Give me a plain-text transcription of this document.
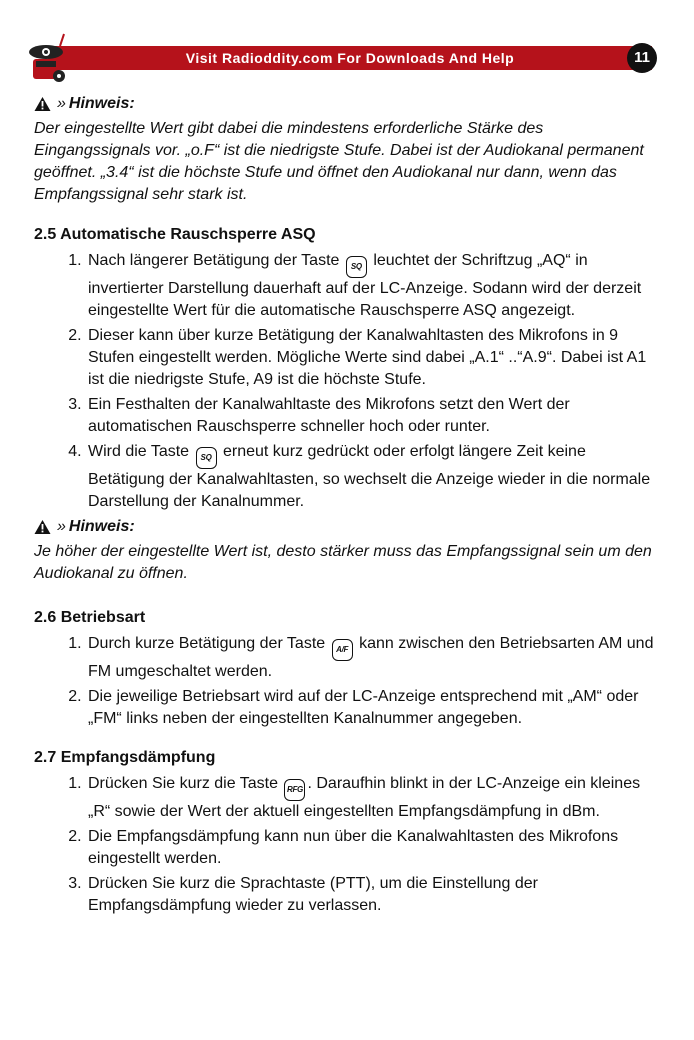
Visit Radioddity.com For Downloads And Help	11
» Hinweis:

Der eingestellte Wert gibt dabei die mindestens erforderliche Stärke des Eingangssignals vor. „o.F“ ist die niedrigste Stufe. Dabei ist der Audiokanal permanent geöffnet. „3.4“ ist die höchste Stufe und öffnet den Audiokanal nur dann, wenn das Empfangssignal sehr stark ist.

2.5 Automatische Rauschsperre ASQ
1. Nach längerer Betätigung der Taste SQ leuchtet der Schriftzug „AQ“ in invertierter Darstellung dauerhaft auf der LC-Anzeige. Sodann wird der derzeit eingestellte Wert für die automatische Rauschsperre ASQ angezeigt.
2. Dieser kann über kurze Betätigung der Kanalwahltasten des Mikrofons in 9 Stufen eingestellt werden. Mögliche Werte sind dabei „A.1“ ..“A.9“. Dabei ist A1 ist die niedrigste Stufe, A9 ist die höchste Stufe.
3. Ein Festhalten der Kanalwahltaste des Mikrofons setzt den Wert der automatischen Rauschsperre schneller hoch oder runter.
4. Wird die Taste SQ erneut kurz gedrückt oder erfolgt längere Zeit keine Betätigung der Kanalwahltasten, so wechselt die Anzeige wieder in die normale Darstellung der Kanalnummer.
» Hinweis:

Je höher der eingestellte Wert ist, desto stärker muss das Empfangssignal sein um den Audiokanal zu öffnen.

2.6 Betriebsart
1. Durch kurze Betätigung der Taste A/F kann zwischen den Betriebsarten AM und FM umgeschaltet werden.
2. Die jeweilige Betriebsart wird auf der LC-Anzeige entsprechend mit „AM“ oder „FM“ links neben der eingestellten Kanalnummer angegeben.
2.7 Empfangsdämpfung
1. Drücken Sie kurz die Taste RFG . Daraufhin blinkt in der LC-Anzeige ein kleines „R“ sowie der Wert der aktuell eingestellten Empfangsdämpfung in dBm.
2. Die Empfangsdämpfung kann nun über die Kanalwahltasten des Mikrofons eingestellt werden.
3. Drücken Sie kurz die Sprachtaste (PTT), um die Einstellung der Empfangsdämpfung wieder zu verlassen.
